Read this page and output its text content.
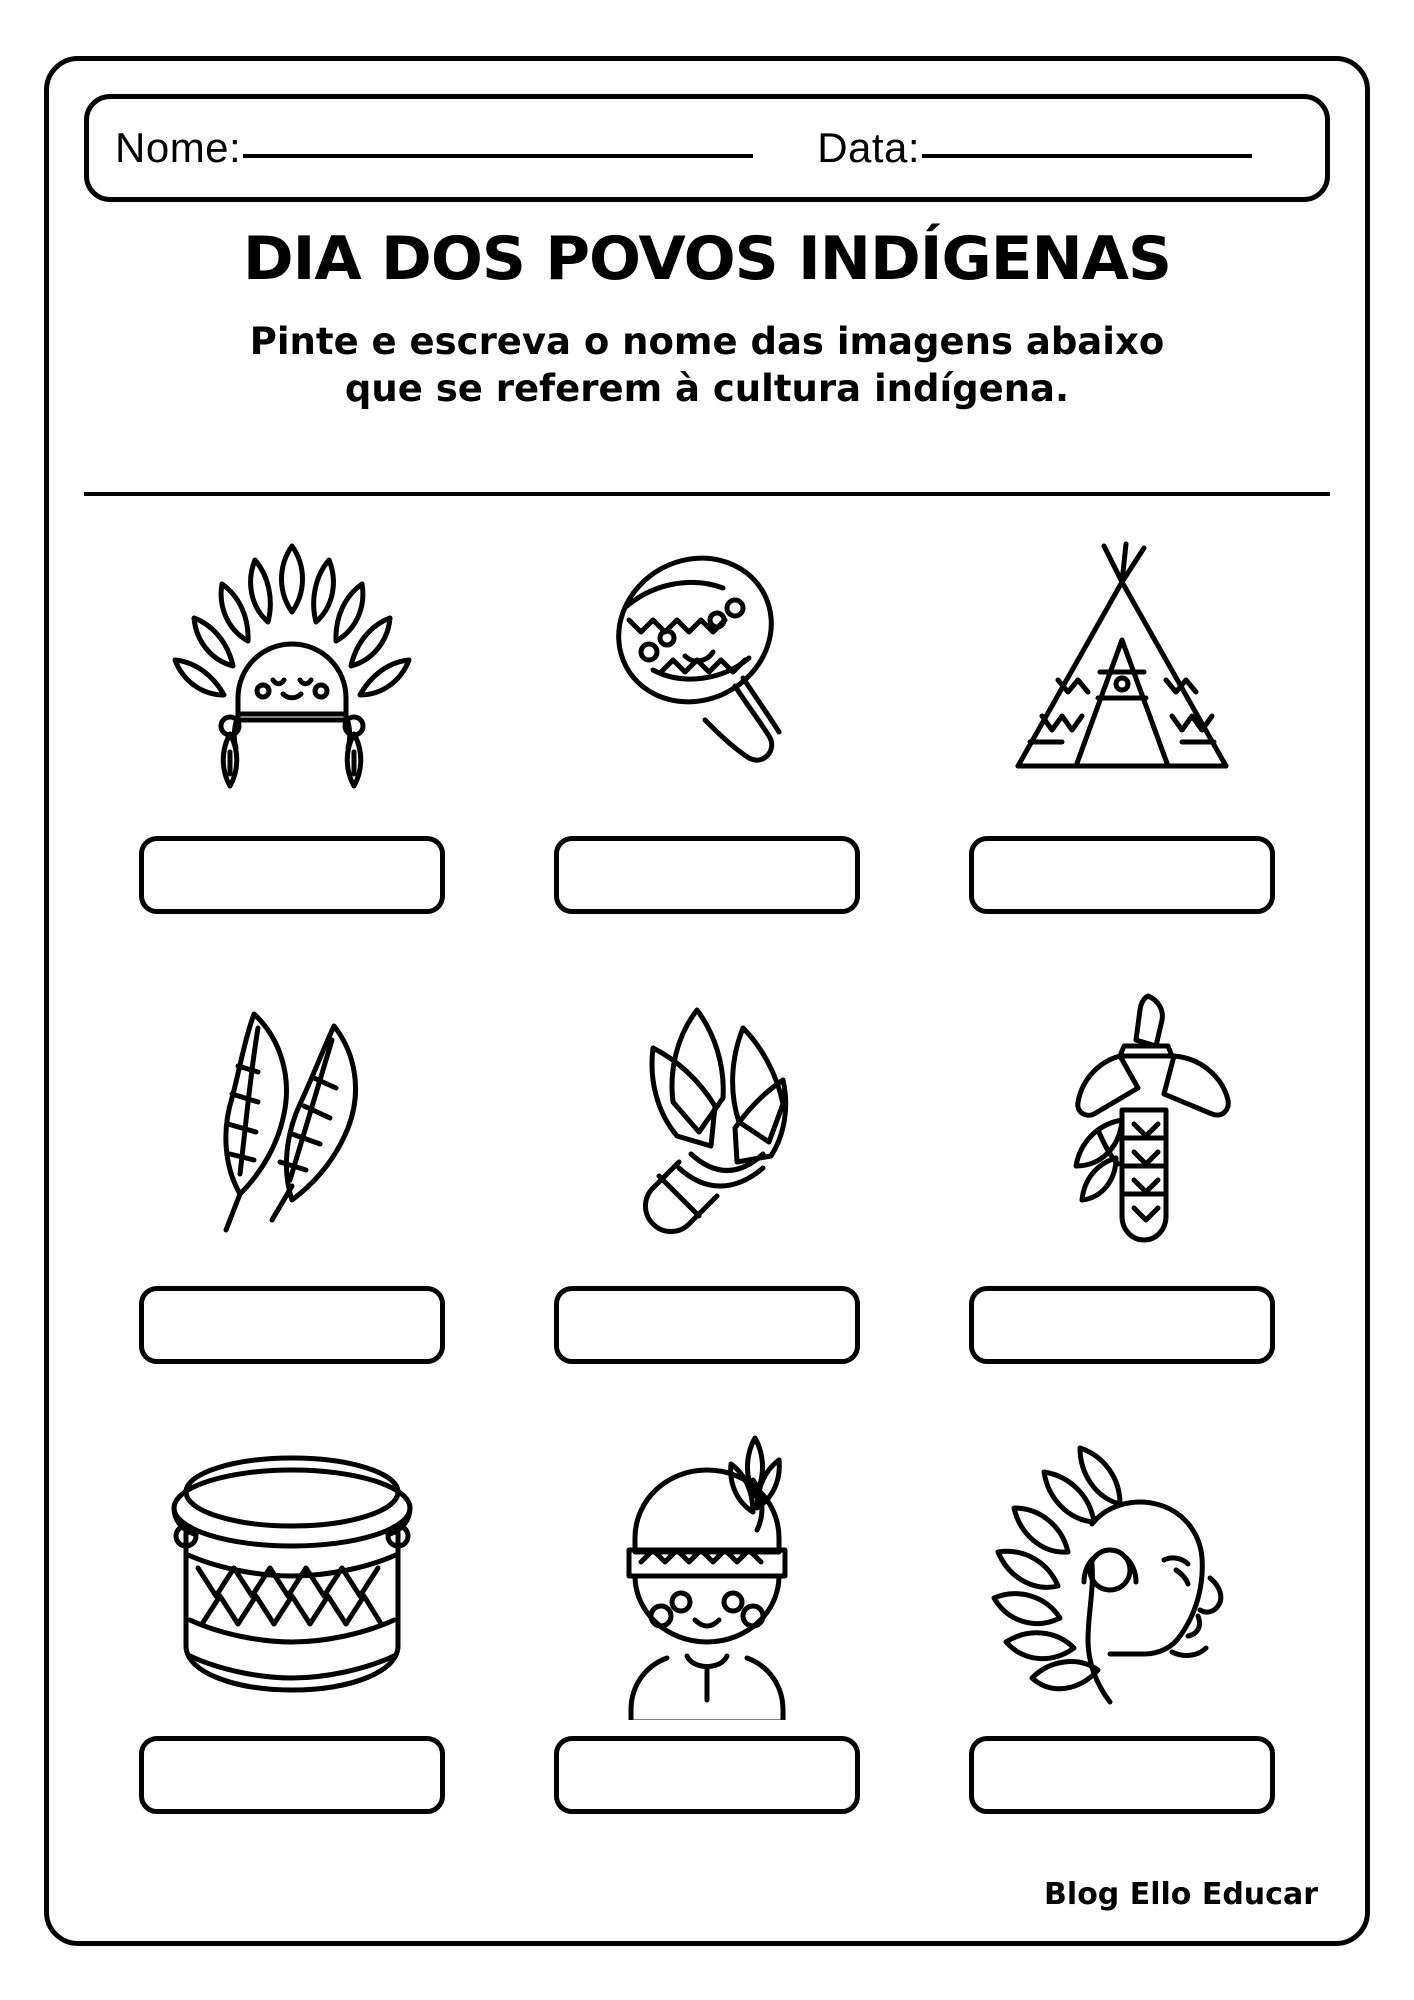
Nome:	Data:
DIA DOS POVOS INDÍGENAS
Pinte e escreva o nome das imagens abaixo
que se referem à cultura indígena.
Blog Ello Educar
